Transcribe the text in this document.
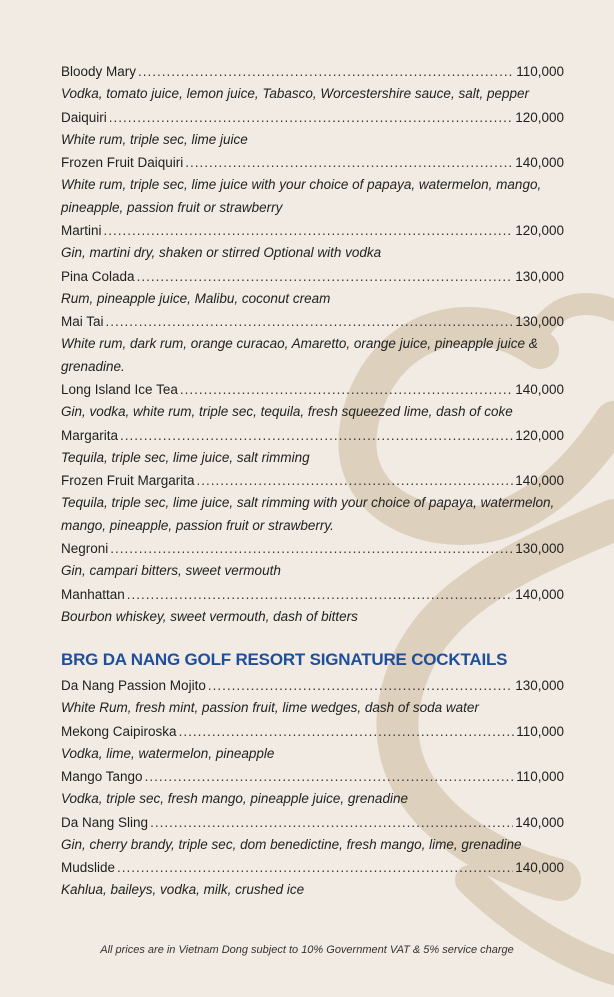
Bloody Mary .....	110,000
Vodka, tomato juice, lemon juice, Tabasco, Worcestershire sauce, salt, pepper
Daiquiri .....	120,000
White rum, triple sec, lime juice
Frozen Fruit Daiquiri .....	140,000
White rum, triple sec, lime juice with your choice of papaya, watermelon, mango, pineapple, passion fruit or strawberry
Martini .....	120,000
Gin, martini dry, shaken or stirred Optional with vodka
Pina Colada .....	130,000
Rum, pineapple juice, Malibu, coconut cream
Mai Tai .....	130,000
White rum, dark rum, orange curacao, Amaretto, orange juice, pineapple juice & grenadine.
Long Island Ice Tea .....	140,000
Gin, vodka, white rum, triple sec, tequila, fresh squeezed lime, dash of coke
Margarita .....	120,000
Tequila, triple sec, lime juice, salt rimming
Frozen Fruit Margarita .....	140,000
Tequila, triple sec, lime juice, salt rimming with your choice of papaya, watermelon, mango, pineapple, passion fruit or strawberry.
Negroni .....	130,000
Gin, campari bitters, sweet vermouth
Manhattan .....	140,000
Bourbon whiskey, sweet vermouth, dash of bitters
BRG DA NANG GOLF RESORT SIGNATURE COCKTAILS
Da Nang Passion Mojito .....	130,000
White Rum, fresh mint, passion fruit, lime wedges, dash of soda water
Mekong Caipiroska .....	110,000
Vodka, lime, watermelon, pineapple
Mango Tango .....	110,000
Vodka, triple sec, fresh mango, pineapple juice, grenadine
Da Nang Sling .....	140,000
Gin, cherry brandy, triple sec, dom benedictine, fresh mango, lime, grenadine
Mudslide .....	140,000
Kahlua, baileys, vodka, milk, crushed ice
All prices are in Vietnam Dong subject to 10% Government VAT & 5% service charge
